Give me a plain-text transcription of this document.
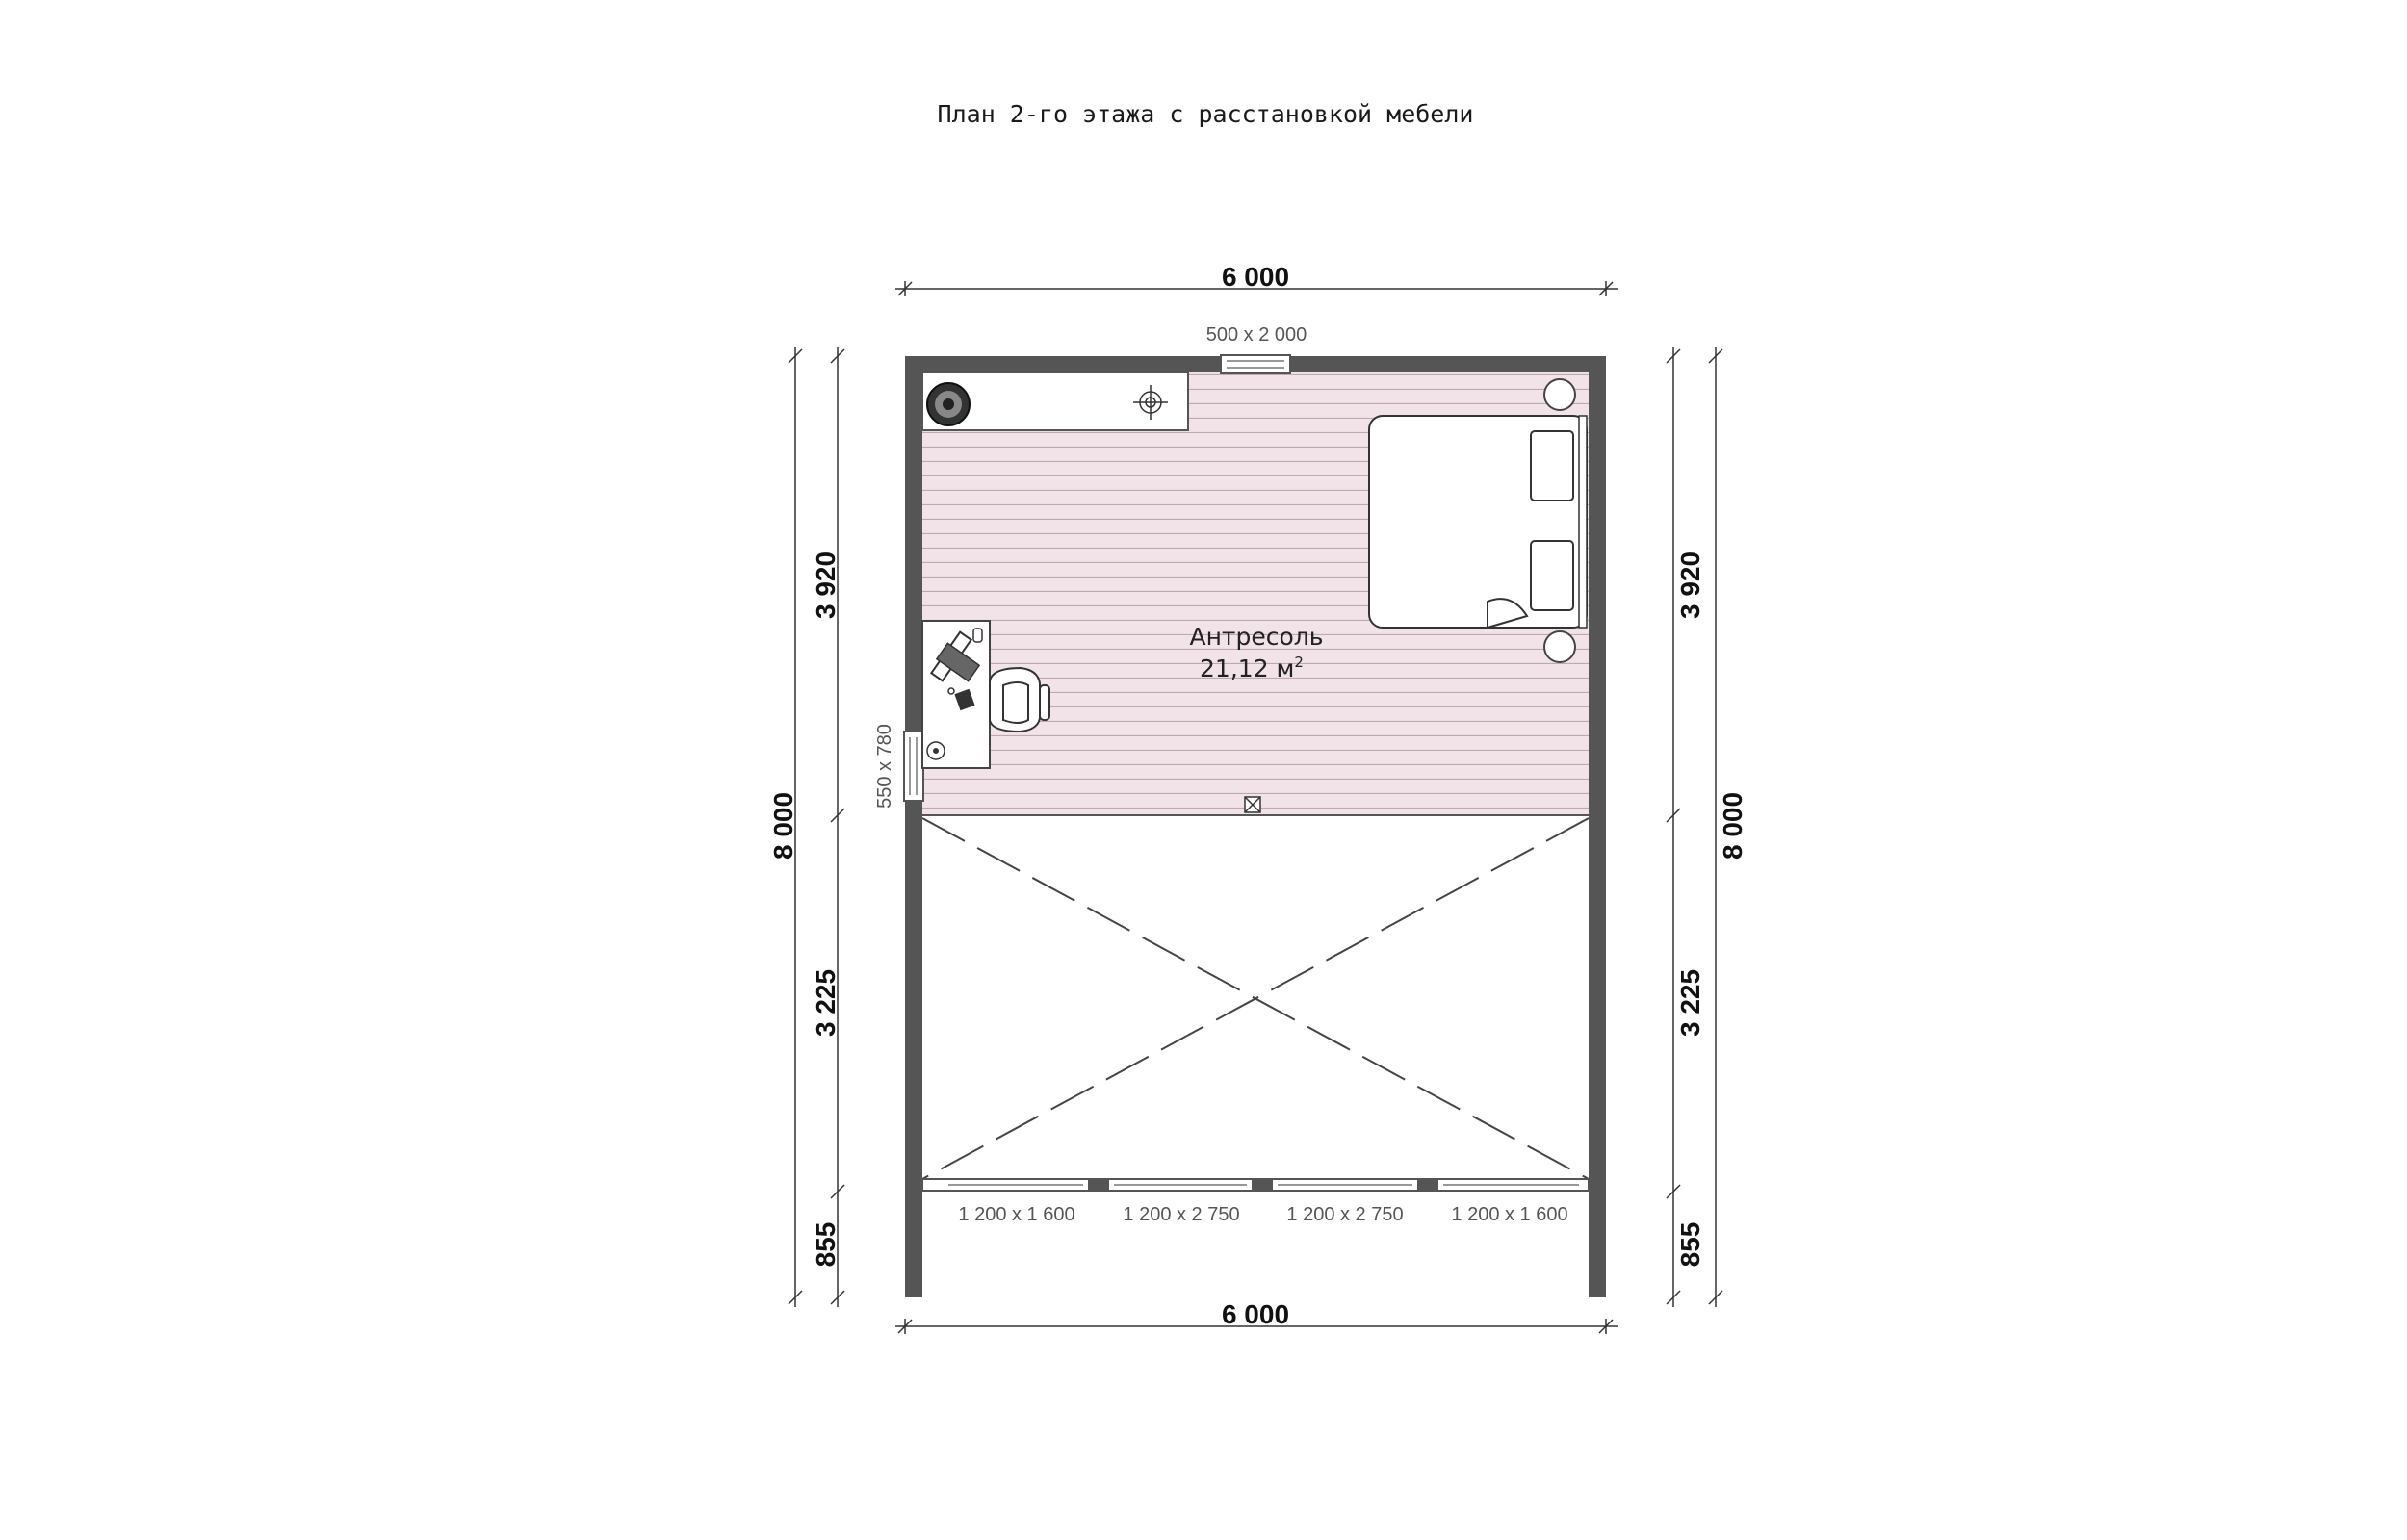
План 2-го этажа с расстановкой мебели
Антресоль
21,12 $м^2$
6 000
6 000
8 000
3 920
3 225
855
3 920
3 225
855
8 000
500 x 2 000
550 x 780
1 200 x 1 600 1 200 x 2 750 1 200 x 2 750 1 200 x 1 600
